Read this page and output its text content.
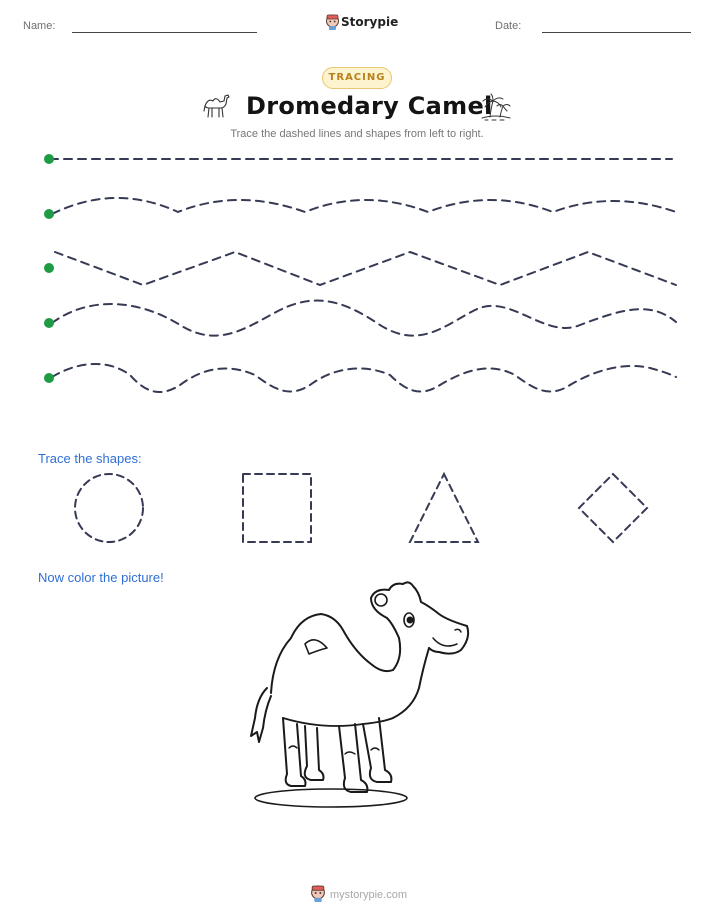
Name:	Storypie	Date:
TRACING
Dromedary Camel
Trace the dashed lines and shapes from left to right.
Trace the shapes:
Now color the picture!
mystorypie.com
